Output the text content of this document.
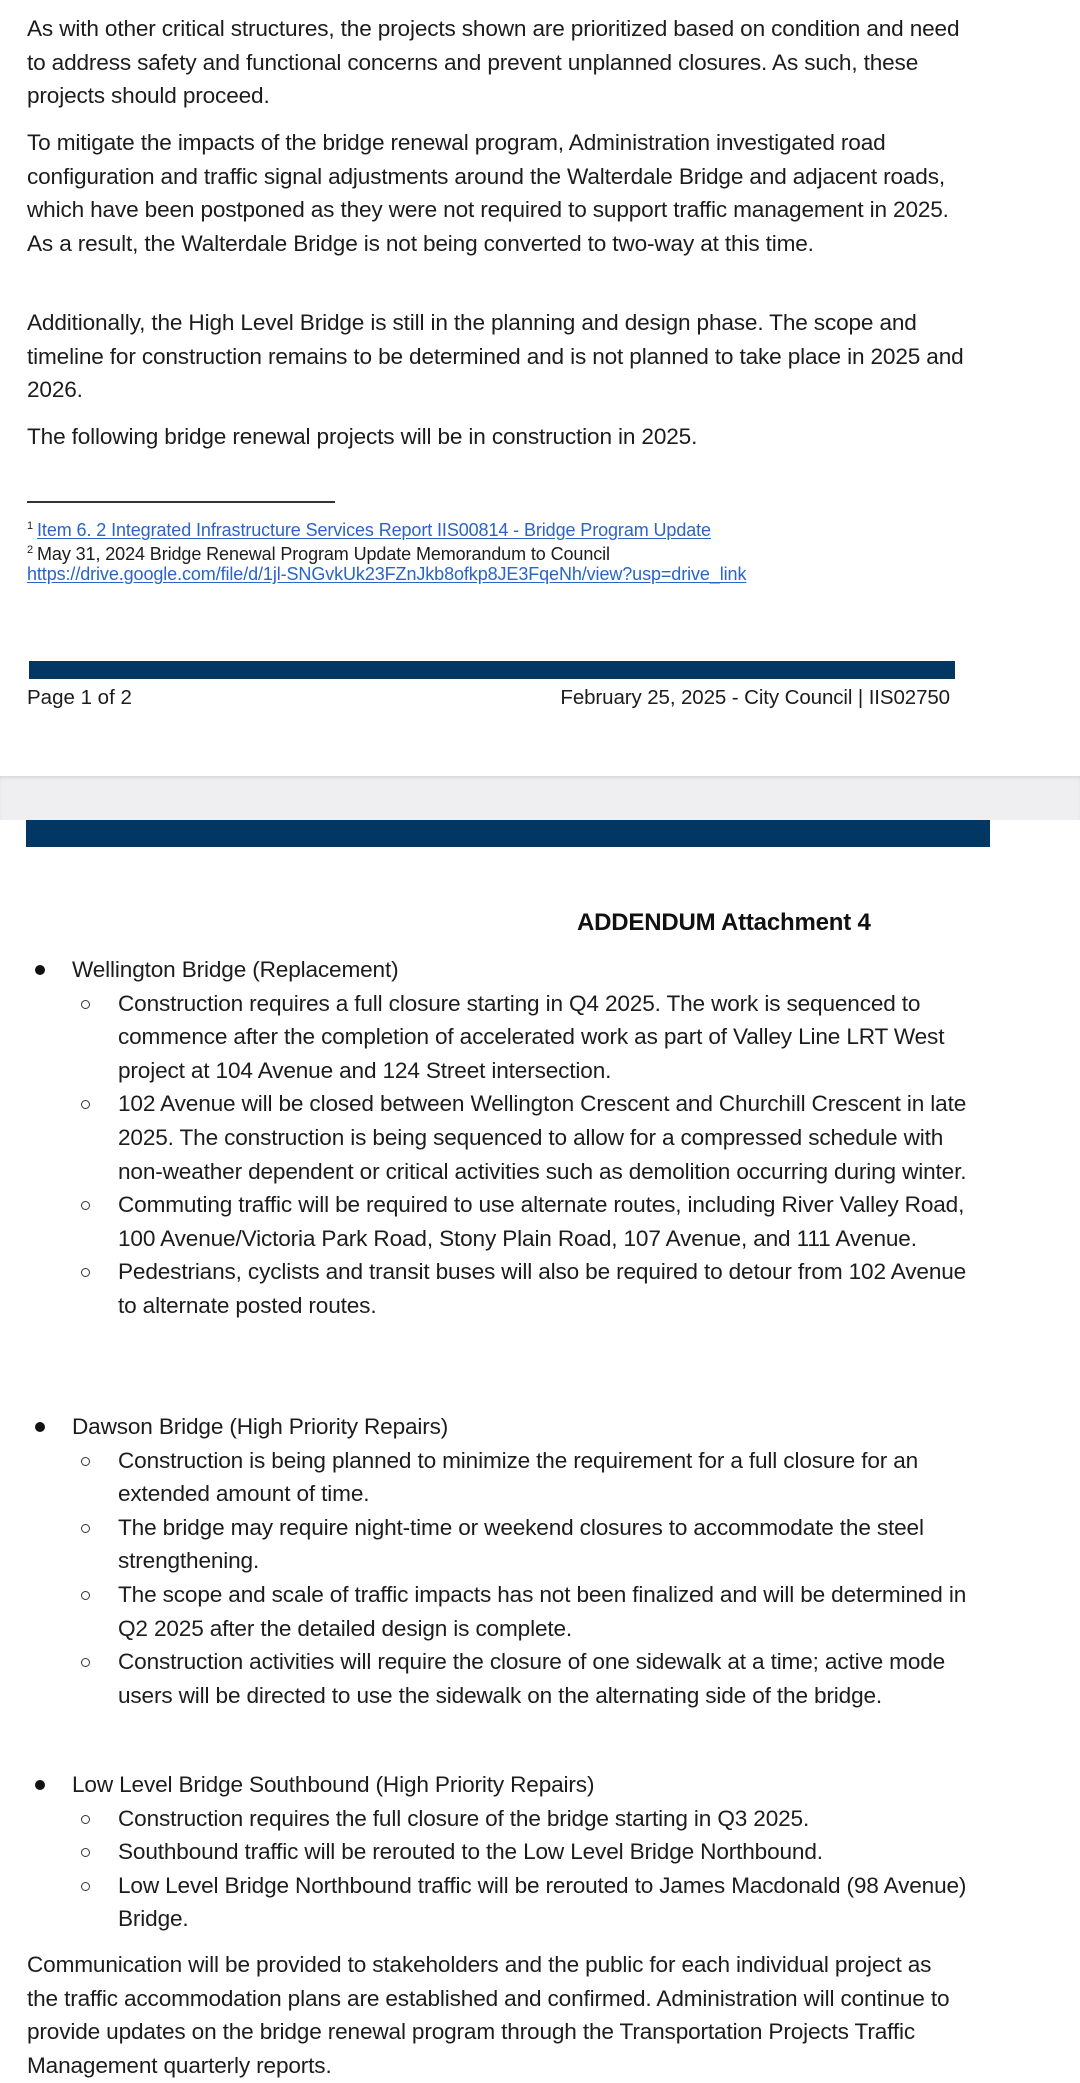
As with other critical structures, the projects shown are prioritized based on condition and need to address safety and functional concerns and prevent unplanned closures. As such, these projects should proceed.

To mitigate the impacts of the bridge renewal program, Administration investigated road configuration and traffic signal adjustments around the Walterdale Bridge and adjacent roads, which have been postponed as they were not required to support traffic management in 2025. As a result, the Walterdale Bridge is not being converted to two-way at this time.

Additionally, the High Level Bridge is still in the planning and design phase. The scope and timeline for construction remains to be determined and is not planned to take place in 2025 and 2026.

The following bridge renewal projects will be in construction in 2025.

$^1$ Item 6. 2 Integrated Infrastructure Services Report IIS00814 - Bridge Program Update
$^2$ May 31, 2024 Bridge Renewal Program Update Memorandum to Council
https://drive.google.com/file/d/1jl-SNGvkUk23FZnJkb8ofkp8JE3FqeNh/view?usp=drive_link
Page 1 of 2	February 25, 2025 - City Council | IIS02750
ADDENDUM Attachment 4
Wellington Bridge (Replacement)
Construction requires a full closure starting in Q4 2025. The work is sequenced to commence after the completion of accelerated work as part of Valley Line LRT West project at 104 Avenue and 124 Street intersection.
102 Avenue will be closed between Wellington Crescent and Churchill Crescent in late 2025. The construction is being sequenced to allow for a compressed schedule with non-weather dependent or critical activities such as demolition occurring during winter.
Commuting traffic will be required to use alternate routes, including River Valley Road, 100 Avenue/Victoria Park Road, Stony Plain Road, 107 Avenue, and 111 Avenue.
Pedestrians, cyclists and transit buses will also be required to detour from 102 Avenue to alternate posted routes.
Dawson Bridge (High Priority Repairs)
Construction is being planned to minimize the requirement for a full closure for an extended amount of time.
The bridge may require night-time or weekend closures to accommodate the steel strengthening.
The scope and scale of traffic impacts has not been finalized and will be determined in Q2 2025 after the detailed design is complete.
Construction activities will require the closure of one sidewalk at a time; active mode users will be directed to use the sidewalk on the alternating side of the bridge.
Low Level Bridge Southbound (High Priority Repairs)
Construction requires the full closure of the bridge starting in Q3 2025.
Southbound traffic will be rerouted to the Low Level Bridge Northbound.
Low Level Bridge Northbound traffic will be rerouted to James Macdonald (98 Avenue) Bridge.

Communication will be provided to stakeholders and the public for each individual project as the traffic accommodation plans are established and confirmed. Administration will continue to provide updates on the bridge renewal program through the Transportation Projects Traffic Management quarterly reports.
